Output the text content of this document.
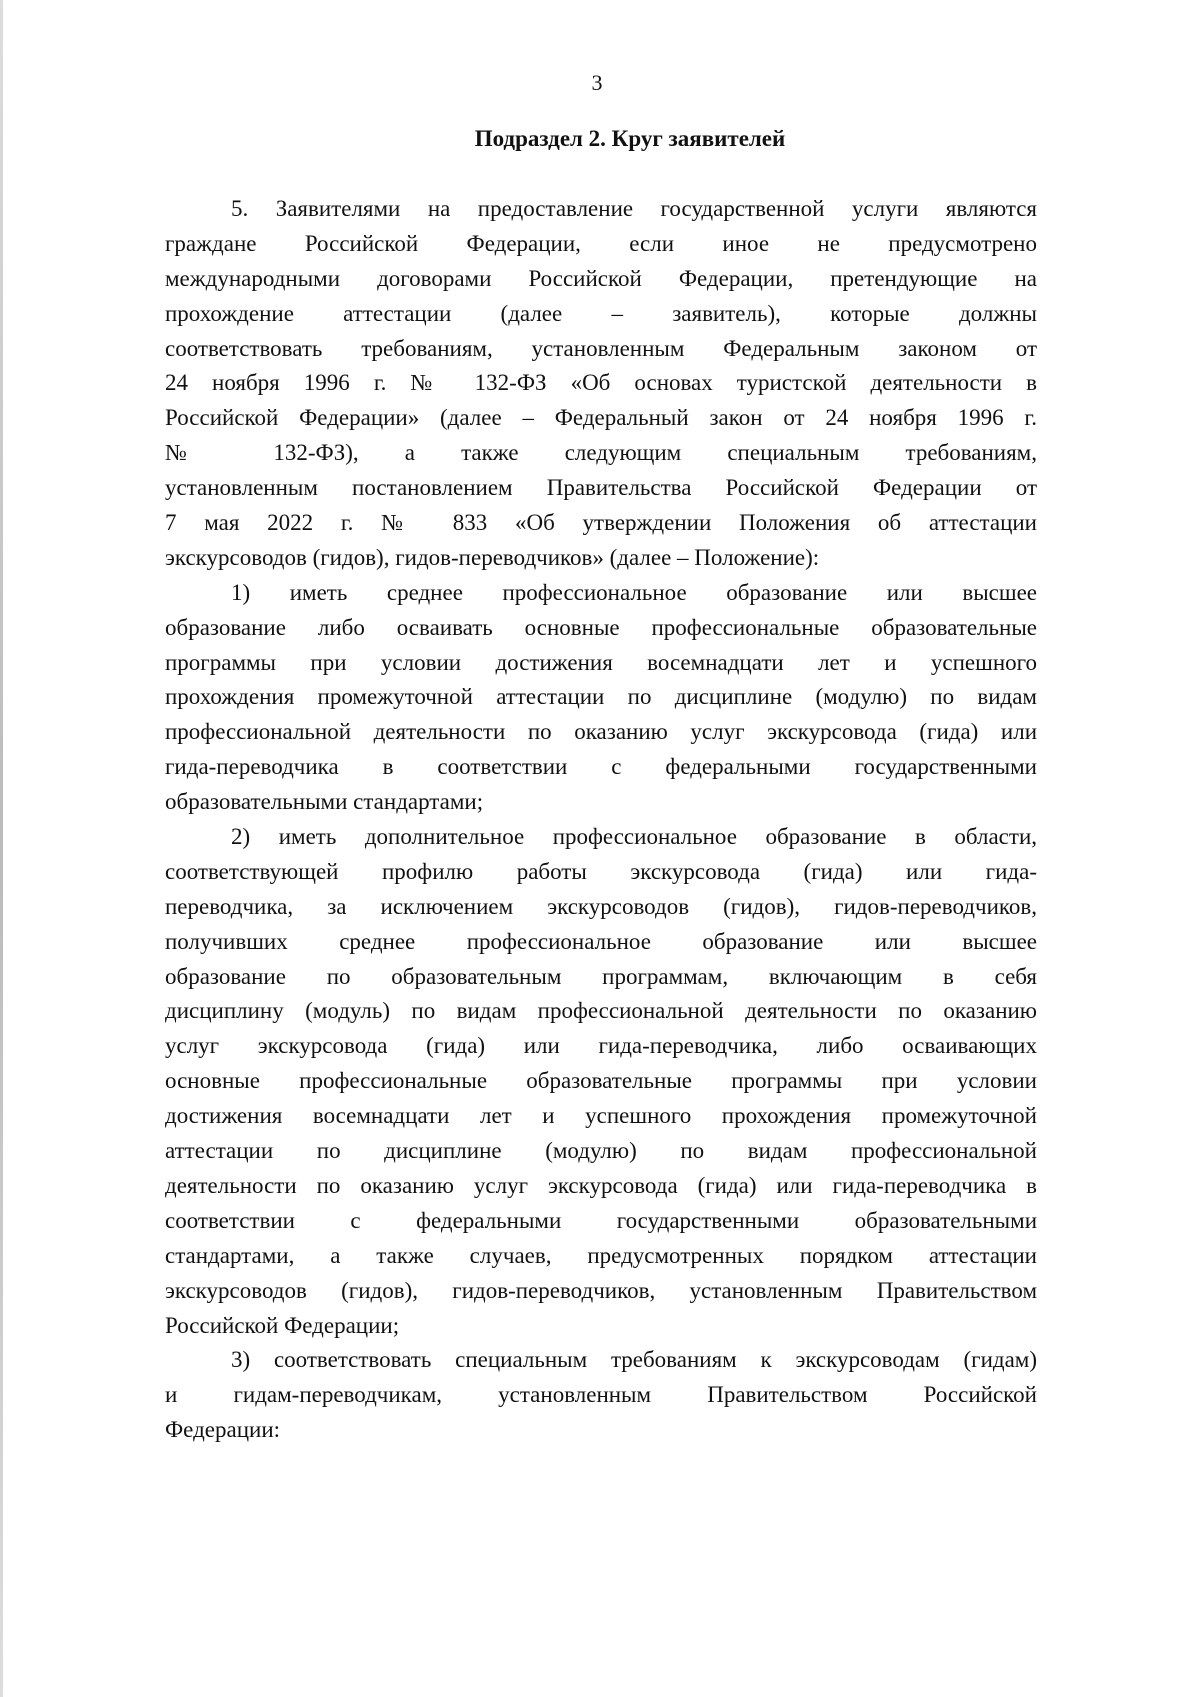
3
Подраздел 2. Круг заявителей
5. Заявителями на предоставление государственной услуги являются
граждане Российской Федерации, если иное не предусмотрено
международными договорами Российской Федерации, претендующие на
прохождение аттестации (далее – заявитель), которые должны
соответствовать требованиям, установленным Федеральным законом от
24 ноября 1996 г. № 132-ФЗ «Об основах туристской деятельности в
Российской Федерации» (далее – Федеральный закон от 24 ноября 1996 г.
№ 132-ФЗ), а также следующим специальным требованиям,
установленным постановлением Правительства Российской Федерации от
7 мая 2022 г. № 833 «Об утверждении Положения об аттестации
экскурсоводов (гидов), гидов-переводчиков» (далее – Положение):
1) иметь среднее профессиональное образование или высшее
образование либо осваивать основные профессиональные образовательные
программы при условии достижения восемнадцати лет и успешного
прохождения промежуточной аттестации по дисциплине (модулю) по видам
профессиональной деятельности по оказанию услуг экскурсовода (гида) или
гида-переводчика в соответствии с федеральными государственными
образовательными стандартами;
2) иметь дополнительное профессиональное образование в области,
соответствующей профилю работы экскурсовода (гида) или гида-
переводчика, за исключением экскурсоводов (гидов), гидов-переводчиков,
получивших среднее профессиональное образование или высшее
образование по образовательным программам, включающим в себя
дисциплину (модуль) по видам профессиональной деятельности по оказанию
услуг экскурсовода (гида) или гида-переводчика, либо осваивающих
основные профессиональные образовательные программы при условии
достижения восемнадцати лет и успешного прохождения промежуточной
аттестации по дисциплине (модулю) по видам профессиональной
деятельности по оказанию услуг экскурсовода (гида) или гида-переводчика в
соответствии с федеральными государственными образовательными
стандартами, а также случаев, предусмотренных порядком аттестации
экскурсоводов (гидов), гидов-переводчиков, установленным Правительством
Российской Федерации;
3) соответствовать специальным требованиям к экскурсоводам (гидам)
и гидам-переводчикам, установленным Правительством Российской
Федерации:
